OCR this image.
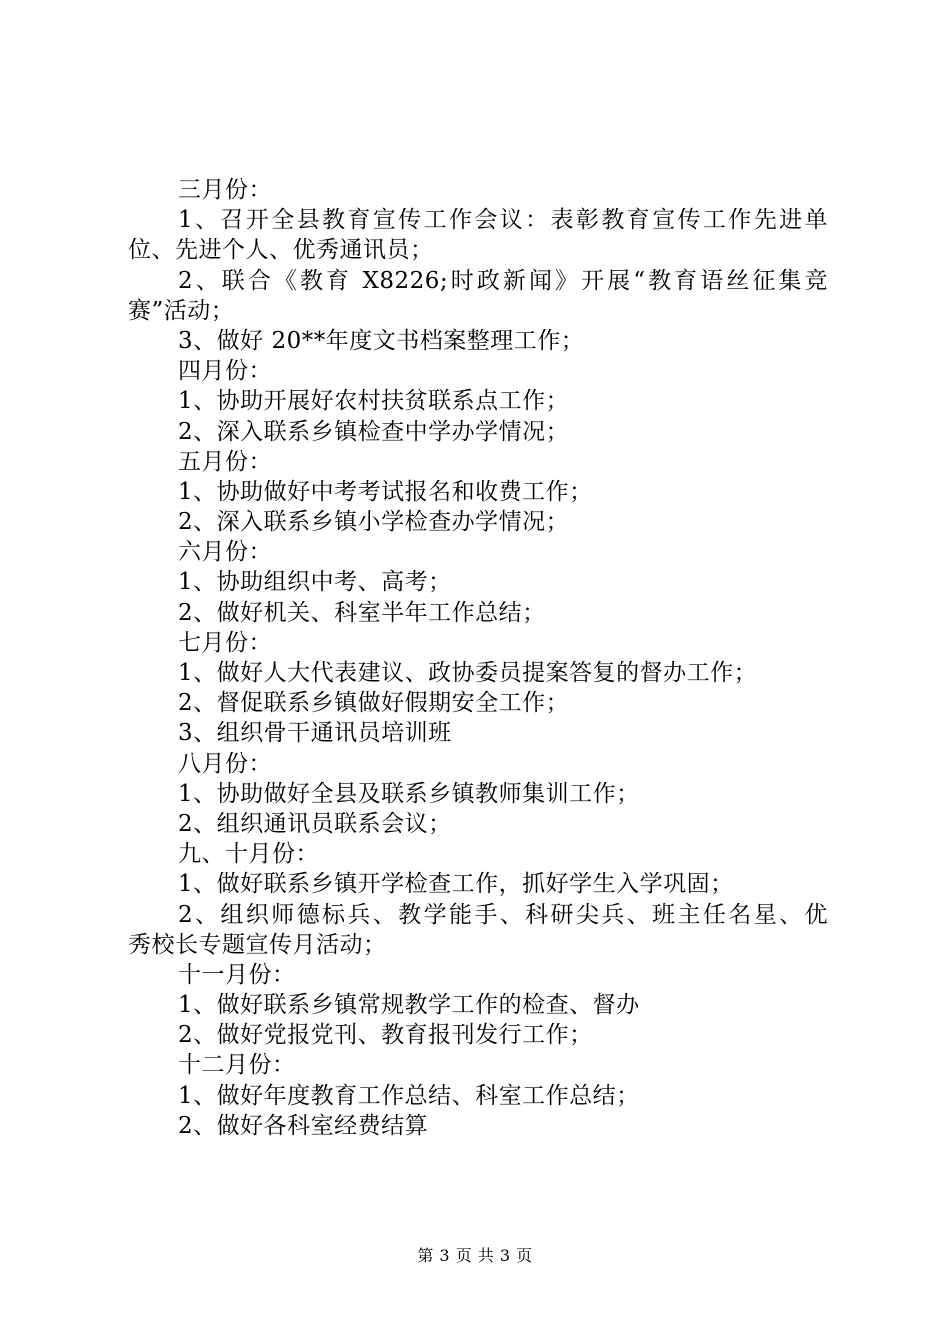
三月份：
1、召开全县教育宣传工作会议：表彰教育宣传工作先进单
位、先进个人、优秀通讯员；
2、联合《教育 X8226;时政新闻》开展“教育语丝征集竞
赛”活动；
3、做好 20**年度文书档案整理工作；
四月份：
1、协助开展好农村扶贫联系点工作；
2、深入联系乡镇检查中学办学情况；
五月份：
1、协助做好中考考试报名和收费工作；
2、深入联系乡镇小学检查办学情况；
六月份：
1、协助组织中考、高考；
2、做好机关、科室半年工作总结；
七月份：
1、做好人大代表建议、政协委员提案答复的督办工作；
2、督促联系乡镇做好假期安全工作；
3、组织骨干通讯员培训班
八月份：
1、协助做好全县及联系乡镇教师集训工作；
2、组织通讯员联系会议；
九、十月份：
1、做好联系乡镇开学检查工作，抓好学生入学巩固；
2、组织师德标兵、教学能手、科研尖兵、班主任名星、优
秀校长专题宣传月活动；
十一月份：
1、做好联系乡镇常规教学工作的检查、督办
2、做好党报党刊、教育报刊发行工作；
十二月份：
1、做好年度教育工作总结、科室工作总结；
2、做好各科室经费结算
第 3 页 共 3 页
